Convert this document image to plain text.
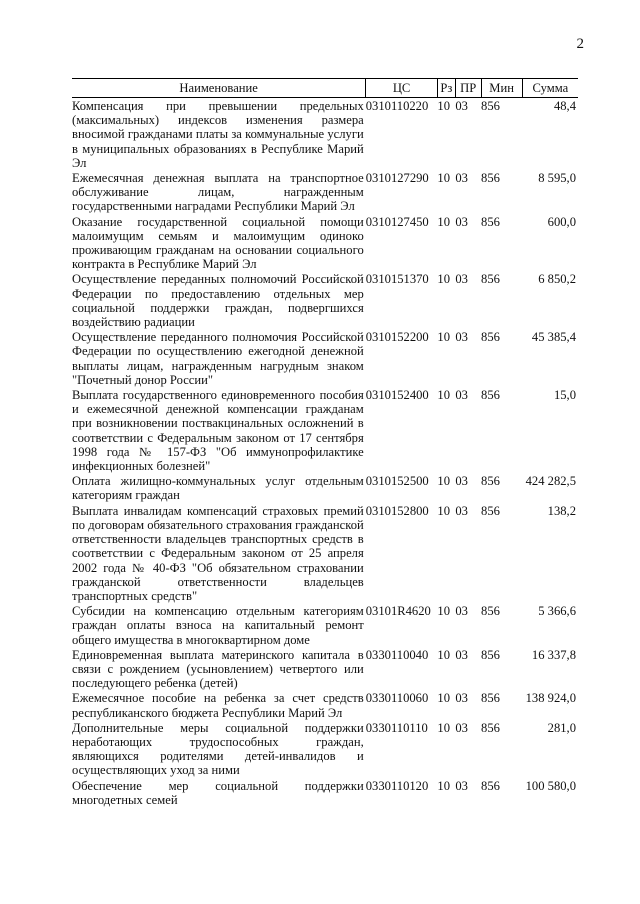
2
Наименование	ЦС	Рз	ПР	Мин	Сумма
Компенсация при превышении предельных (максимальных) индексов изменения размера вносимой гражданами платы за коммунальные услуги в муниципальных образованиях в Республике Марий Эл	0310110220	10	03	856	48,4
Ежемесячная денежная выплата на транспортное обслуживание лицам, награжденным государственными наградами Республики Марий Эл	0310127290	10	03	856	8 595,0
Оказание государственной социальной помощи малоимущим семьям и малоимущим одиноко проживающим гражданам на основании социального контракта в Республике Марий Эл	0310127450	10	03	856	600,0
Осуществление переданных полномочий Российской Федерации по предоставлению отдельных мер социальной поддержки граждан, подвергшихся воздействию радиации	0310151370	10	03	856	6 850,2
Осуществление переданного полномочия Российской Федерации по осуществлению ежегодной денежной выплаты лицам, награжденным нагрудным знаком "Почетный донор России"	0310152200	10	03	856	45 385,4
Выплата государственного единовременного пособия и ежемесячной денежной компенсации гражданам при возникновении поствакцинальных осложнений в соответствии с Федеральным законом от 17 сентября 1998 года № 157-ФЗ "Об иммунопрофилактике инфекционных болезней"	0310152400	10	03	856	15,0
Оплата жилищно-коммунальных услуг отдельным категориям граждан	0310152500	10	03	856	424 282,5
Выплата инвалидам компенсаций страховых премий по договорам обязательного страхования гражданской ответственности владельцев транспортных средств в соответствии с Федеральным законом от 25 апреля 2002 года № 40-ФЗ "Об обязательном страховании гражданской ответственности владельцев транспортных средств"	0310152800	10	03	856	138,2
Субсидии на компенсацию отдельным категориям граждан оплаты взноса на капитальный ремонт общего имущества в многоквартирном доме	03101R4620	10	03	856	5 366,6
Единовременная выплата материнского капитала в связи с рождением (усыновлением) четвертого или последующего ребенка (детей)	0330110040	10	03	856	16 337,8
Ежемесячное пособие на ребенка за счет средств республиканского бюджета Республики Марий Эл	0330110060	10	03	856	138 924,0
Дополнительные меры социальной поддержки неработающих трудоспособных граждан, являющихся родителями детей-инвалидов и осуществляющих уход за ними	0330110110	10	03	856	281,0
Обеспечение мер социальной поддержки многодетных семей	0330110120	10	03	856	100 580,0
